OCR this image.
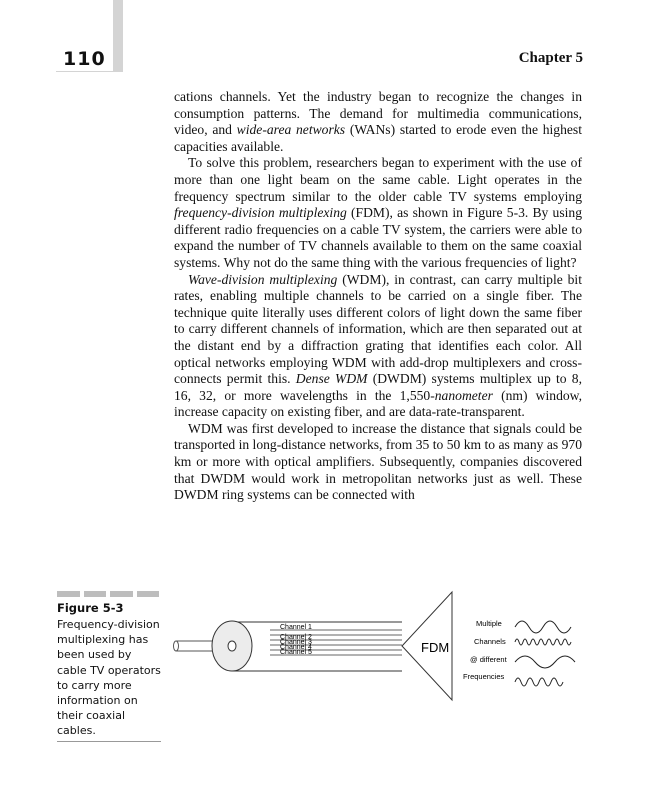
110	Chapter 5

cations channels. Yet the industry began to recognize the changes in consumption patterns. The demand for multimedia communications, video, and wide-area networks (WANs) started to erode even the highest capacities available.

To solve this problem, researchers began to experiment with the use of more than one light beam on the same cable. Light operates in the frequency spectrum similar to the older cable TV systems employing frequency-division multiplexing (FDM), as shown in Figure 5-3. By using different radio frequencies on a cable TV system, the carriers were able to expand the number of TV channels available to them on the same coaxial systems. Why not do the same thing with the various frequencies of light?

Wave-division multiplexing (WDM), in contrast, can carry multiple bit rates, enabling multiple channels to be carried on a single fiber. The technique quite literally uses different colors of light down the same fiber to carry different channels of information, which are then separated out at the distant end by a diffraction grating that identifies each color. All optical networks employing WDM with add-drop multiplexers and cross-connects permit this. Dense WDM (DWDM) systems multiplex up to 8, 16, 32, or more wavelengths in the 1,550-nanometer (nm) window, increase capacity on existing fiber, and are data-rate-transparent.

WDM was first developed to increase the distance that signals could be transported in long-distance networks, from 35 to 50 km to as many as 970 km or more with optical amplifiers. Subsequently, companies discovered that DWDM would work in metropolitan networks just as well. These DWDM ring systems can be connected with

Figure 5-3
Frequency-division multiplexing has been used by cable TV operators to carry more information on their coaxial cables.
Channel 1
Channel 2
Channel 3
Channel 4
Channel 5	FDM
Multiple
Channels
@ different
Frequencies
